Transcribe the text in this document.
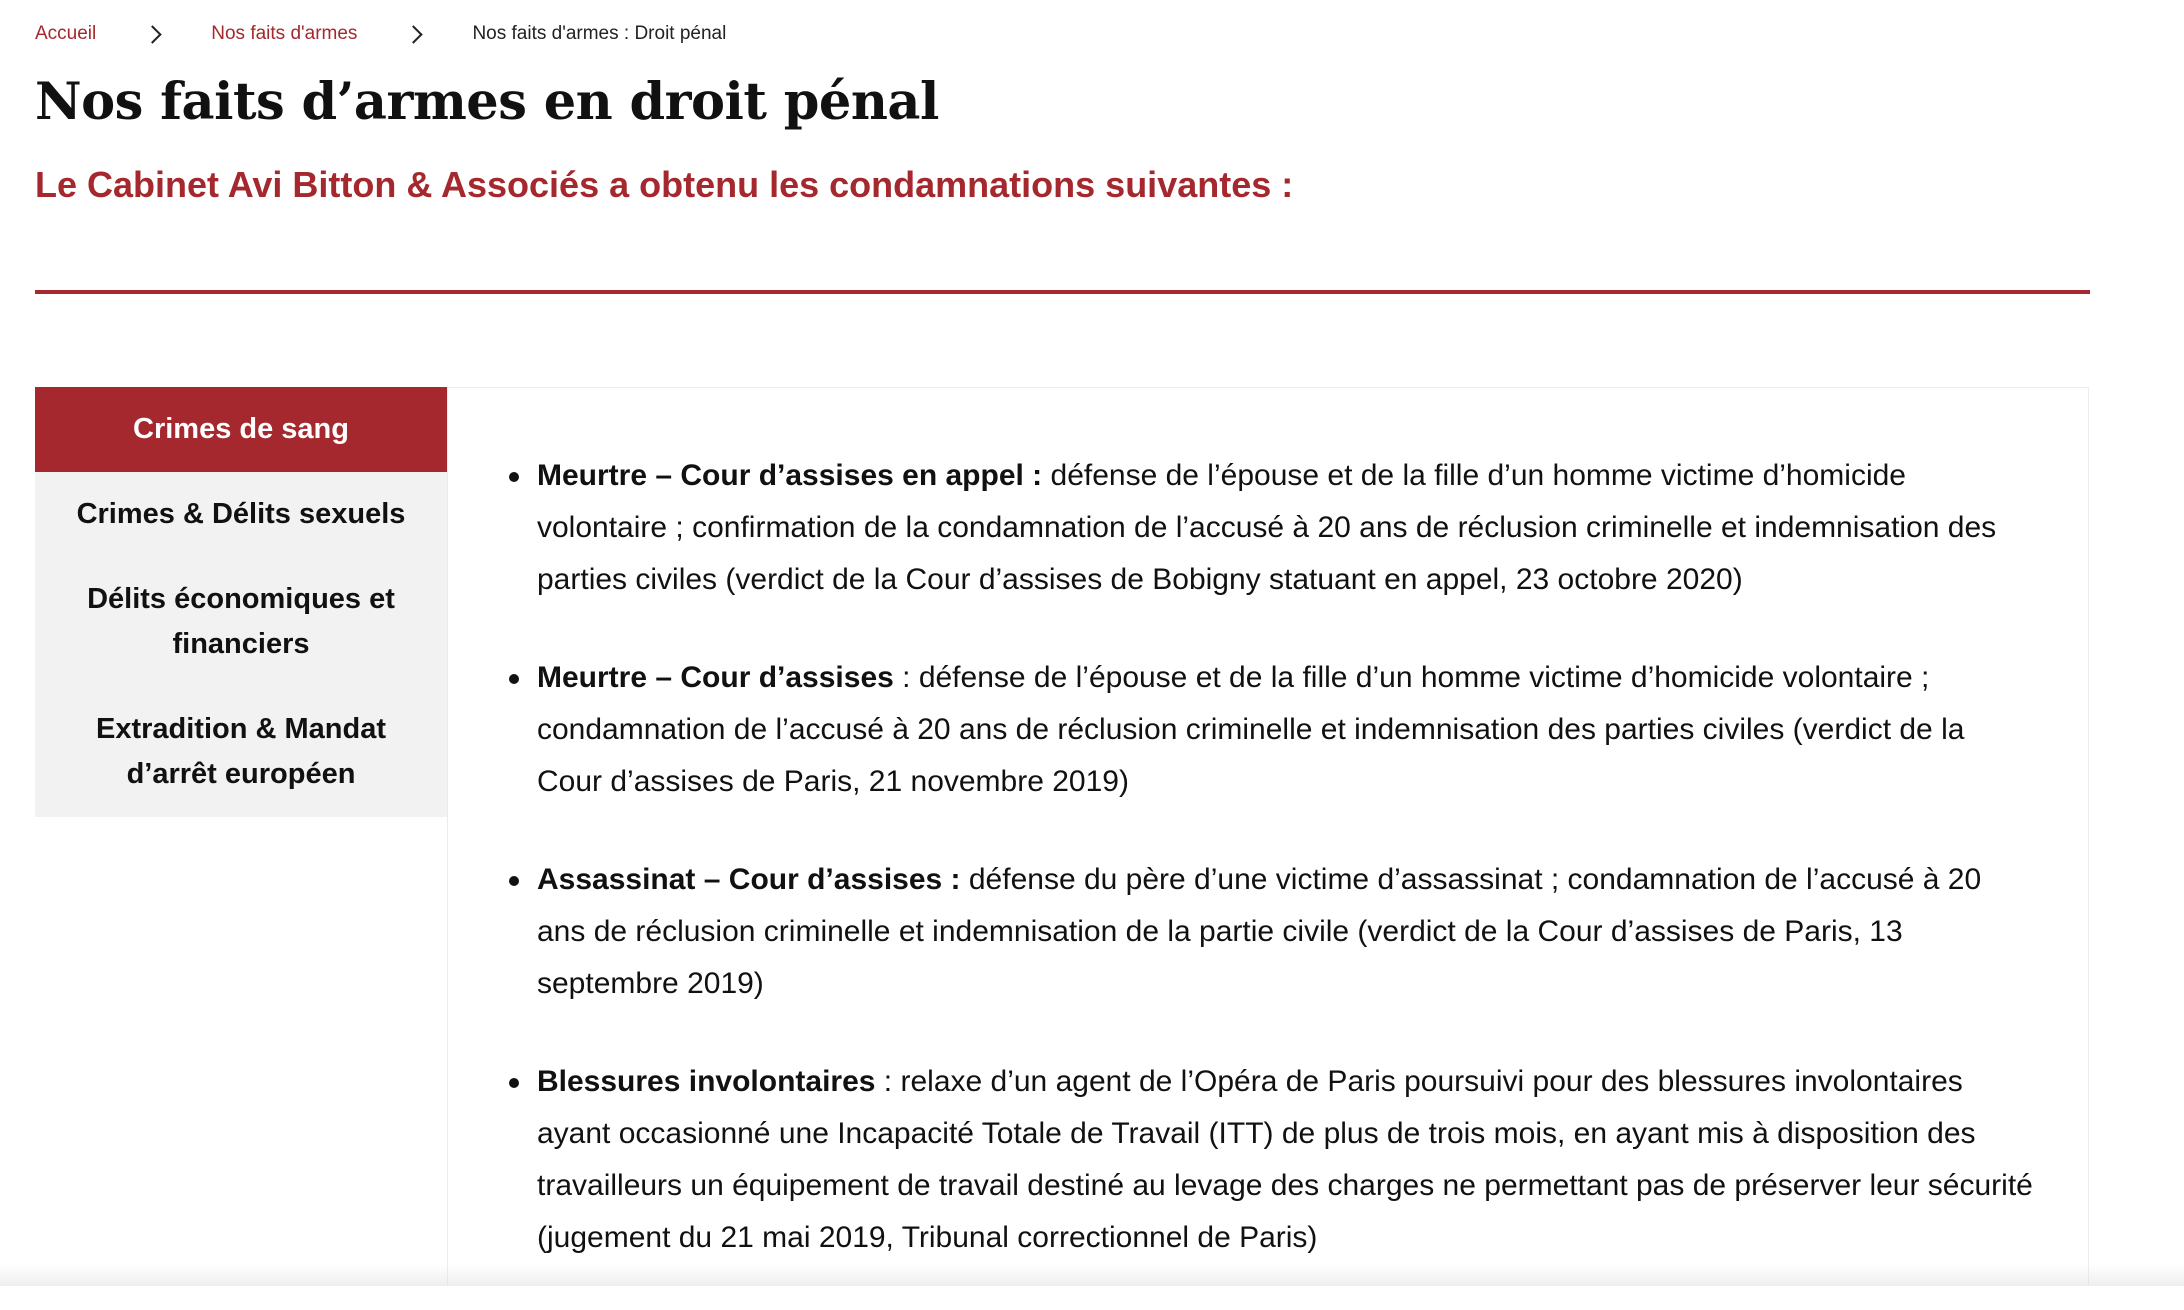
Accueil	Nos faits d'armes	Nos faits d'armes : Droit pénal
Nos faits d’armes en droit pénal
Le Cabinet Avi Bitton & Associés a obtenu les condamnations suivantes :
Crimes de sang
Crimes & Délits sexuels
Délits économiques et financiers
Extradition & Mandat d’arrêt européen
Meurtre – Cour d’assises en appel : défense de l’épouse et de la fille d’un homme victime d’homicide volontaire ; confirmation de la condamnation de l’accusé à 20 ans de réclusion criminelle et indemnisation des parties civiles (verdict de la Cour d’assises de Bobigny statuant en appel, 23 octobre 2020)
Meurtre – Cour d’assises : défense de l’épouse et de la fille d’un homme victime d’homicide volontaire ; condamnation de l’accusé à 20 ans de réclusion criminelle et indemnisation des parties civiles (verdict de la Cour d’assises de Paris, 21 novembre 2019)
Assassinat – Cour d’assises : défense du père d’une victime d’assassinat ; condamnation de l’accusé à 20 ans de réclusion criminelle et indemnisation de la partie civile (verdict de la Cour d’assises de Paris, 13 septembre 2019)
Blessures involontaires : relaxe d’un agent de l’Opéra de Paris poursuivi pour des blessures involontaires ayant occasionné une Incapacité Totale de Travail (ITT) de plus de trois mois, en ayant mis à disposition des travailleurs un équipement de travail destiné au levage des charges ne permettant pas de préserver leur sécurité (jugement du 21 mai 2019, Tribunal correctionnel de Paris)
